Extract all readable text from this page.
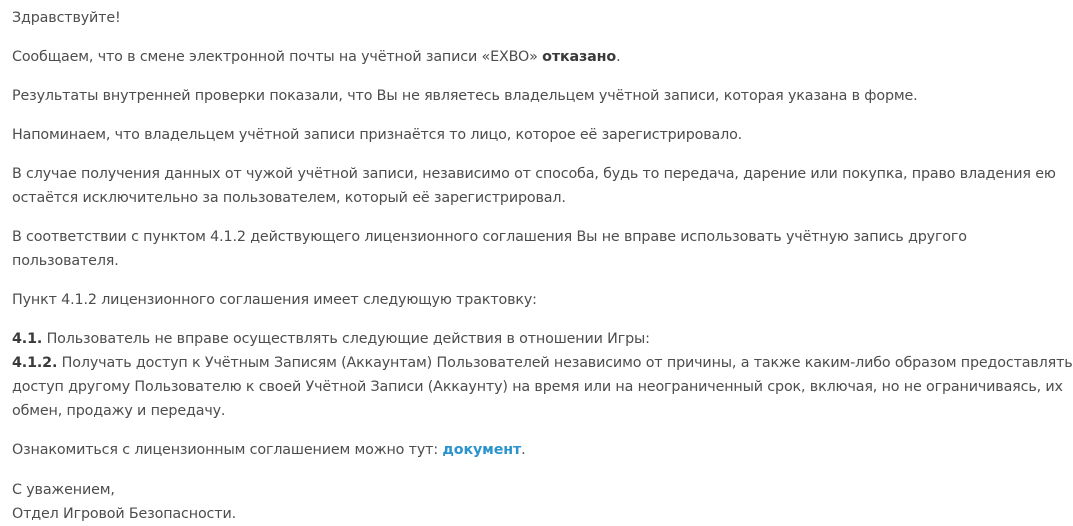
Здравствуйте!

Сообщаем, что в смене электронной почты на учётной записи «EXBO» отказано.

Результаты внутренней проверки показали, что Вы не являетесь владельцем учётной записи, которая указана в форме.

Напоминаем, что владельцем учётной записи признаётся то лицо, которое её зарегистрировало.

В случае получения данных от чужой учётной записи, независимо от способа, будь то передача, дарение или покупка, право владения ею
остаётся исключительно за пользователем, который её зарегистрировал.

В соответствии с пунктом 4.1.2 действующего лицензионного соглашения Вы не вправе использовать учётную запись другого пользователя.

Пункт 4.1.2 лицензионного соглашения имеет следующую трактовку:

4.1. Пользователь не вправе осуществлять следующие действия в отношении Игры:
4.1.2. Получать доступ к Учётным Записям (Аккаунтам) Пользователей независимо от причины, а также каким-либо образом предоставлять
доступ другому Пользователю к своей Учётной Записи (Аккаунту) на время или на неограниченный срок, включая, но не ограничиваясь, их
обмен, продажу и передачу.

Ознакомиться с лицензионным соглашением можно тут: документ.

С уважением,
Отдел Игровой Безопасности.
